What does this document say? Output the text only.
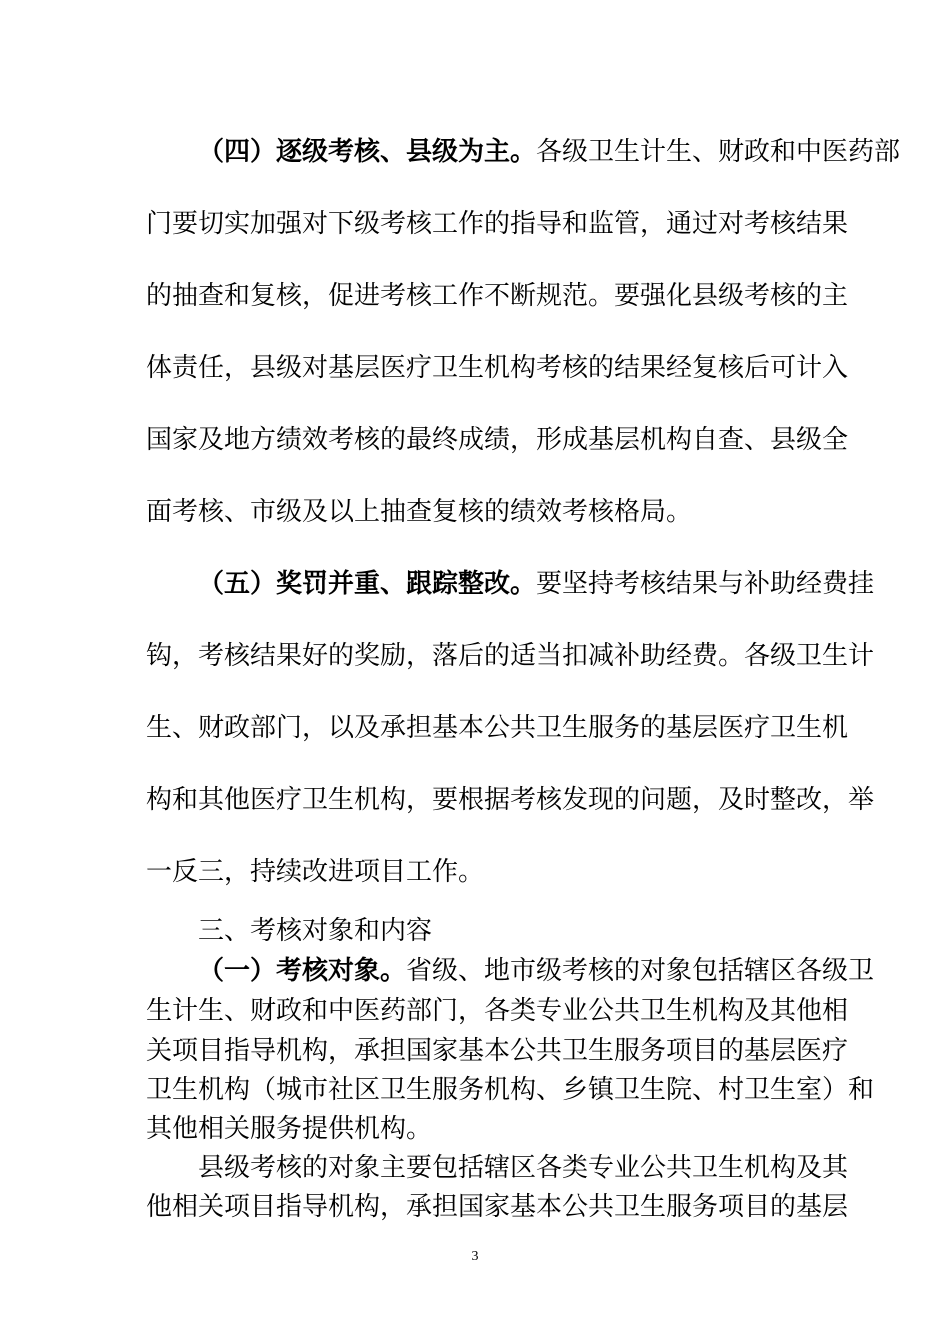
（四）逐级考核、县级为主。各级卫生计生、财政和中医药部
门要切实加强对下级考核工作的指导和监管，通过对考核结果
的抽查和复核，促进考核工作不断规范。要强化县级考核的主
体责任，县级对基层医疗卫生机构考核的结果经复核后可计入
国家及地方绩效考核的最终成绩，形成基层机构自查、县级全
面考核、市级及以上抽查复核的绩效考核格局。
（五）奖罚并重、跟踪整改。要坚持考核结果与补助经费挂
钩，考核结果好的奖励，落后的适当扣减补助经费。各级卫生计
生、财政部门，以及承担基本公共卫生服务的基层医疗卫生机
构和其他医疗卫生机构，要根据考核发现的问题，及时整改，举
一反三，持续改进项目工作。
三、考核对象和内容
（一）考核对象。省级、地市级考核的对象包括辖区各级卫
生计生、财政和中医药部门，各类专业公共卫生机构及其他相
关项目指导机构，承担国家基本公共卫生服务项目的基层医疗
卫生机构（城市社区卫生服务机构、乡镇卫生院、村卫生室）和
其他相关服务提供机构。
县级考核的对象主要包括辖区各类专业公共卫生机构及其
他相关项目指导机构，承担国家基本公共卫生服务项目的基层
3
